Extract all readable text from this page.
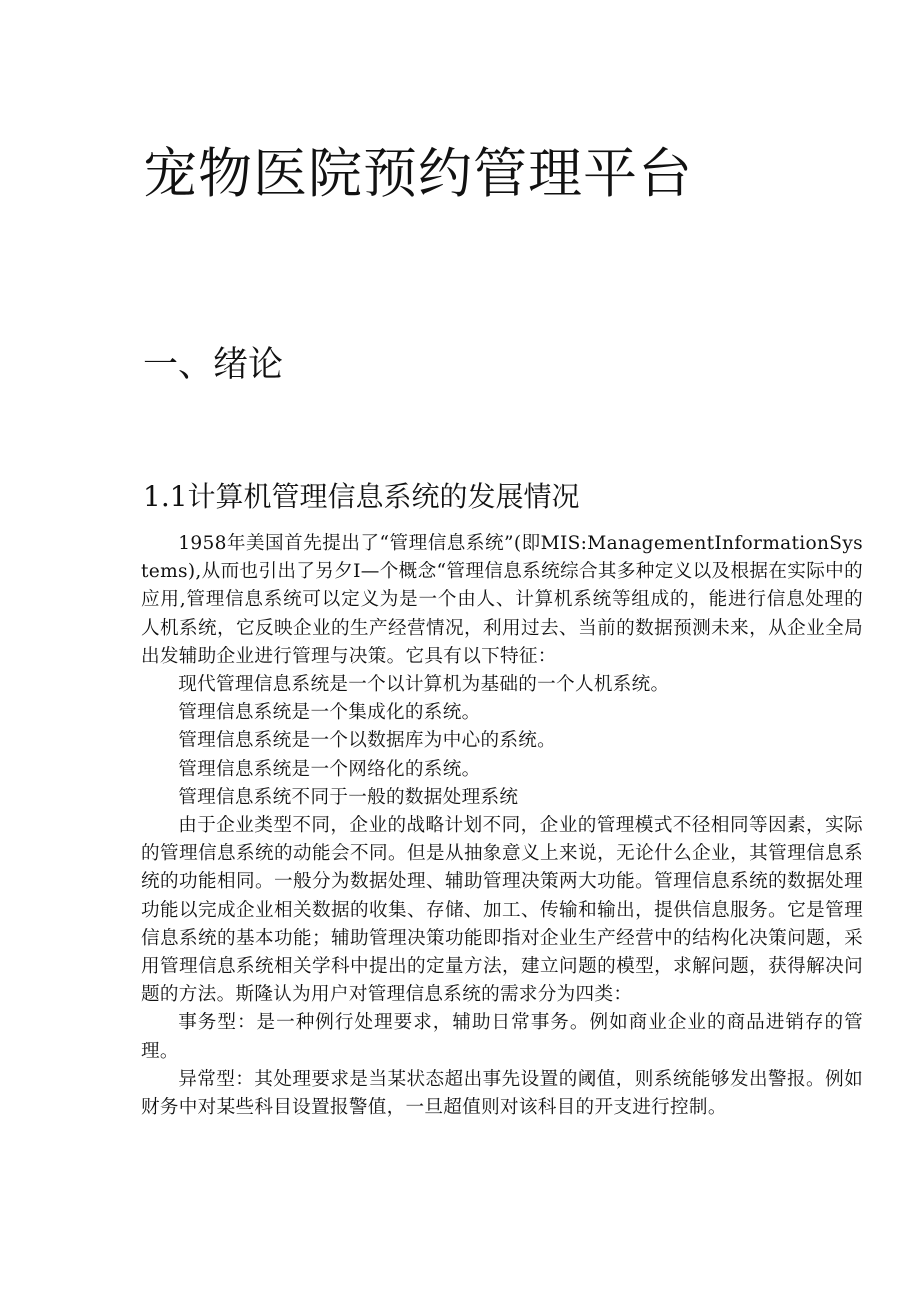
宠物医院预约管理平台
一、绪论
1.1计算机管理信息系统的发展情况

1958年美国首先提出了“管理信息系统”(即MIS:ManagementInformationSystems),从而也引出了另夕I—个概念“管理信息系统综合其多种定义以及根据在实际中的应用,管理信息系统可以定义为是一个由人、计算机系统等组成的，能进行信息处理的人机系统，它反映企业的生产经营情况，利用过去、当前的数据预测未来，从企业全局出发辅助企业进行管理与决策。它具有以下特征：

现代管理信息系统是一个以计算机为基础的一个人机系统。

管理信息系统是一个集成化的系统。

管理信息系统是一个以数据库为中心的系统。

管理信息系统是一个网络化的系统。

管理信息系统不同于一般的数据处理系统

由于企业类型不同，企业的战略计划不同，企业的管理模式不径相同等因素，实际的管理信息系统的动能会不同。但是从抽象意义上来说，无论什么企业，其管理信息系统的功能相同。一般分为数据处理、辅助管理决策两大功能。管理信息系统的数据处理功能以完成企业相关数据的收集、存储、加工、传输和输出，提供信息服务。它是管理信息系统的基本功能；辅助管理决策功能即指对企业生产经营中的结构化决策问题，采用管理信息系统相关学科中提出的定量方法，建立问题的模型，求解问题，获得解决问题的方法。斯隆认为用户对管理信息系统的需求分为四类：

事务型：是一种例行处理要求，辅助日常事务。例如商业企业的商品进销存的管理。

异常型：其处理要求是当某状态超出事先设置的阈值，则系统能够发出警报。例如财务中对某些科目设置报警值，一旦超值则对该科目的开支进行控制。
